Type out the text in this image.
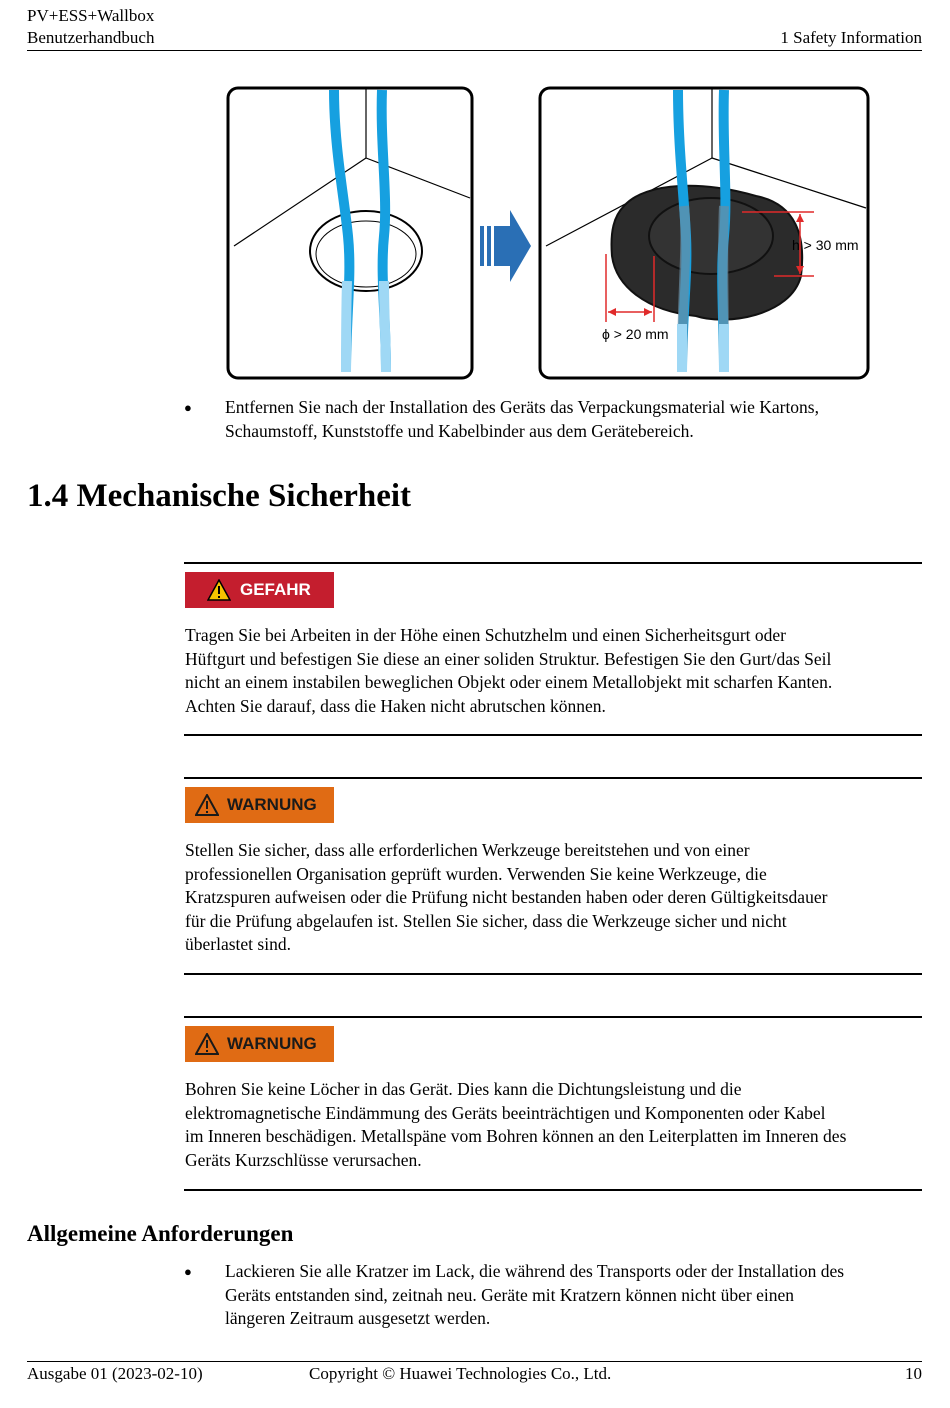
PV+ESS+Wallbox
Benutzerhandbuch	1 Safety Information
h > 30 mm
ϕ > 20 mm
● Entfernen Sie nach der Installation des Geräts das Verpackungsmaterial wie Kartons,
Schaumstoff, Kunststoffe und Kabelbinder aus dem Gerätebereich.
1.4 Mechanische Sicherheit
GEFAHR
Tragen Sie bei Arbeiten in der Höhe einen Schutzhelm und einen Sicherheitsgurt oder
Hüftgurt und befestigen Sie diese an einer soliden Struktur. Befestigen Sie den Gurt/das Seil
nicht an einem instabilen beweglichen Objekt oder einem Metallobjekt mit scharfen Kanten.
Achten Sie darauf, dass die Haken nicht abrutschen können.
WARNUNG
Stellen Sie sicher, dass alle erforderlichen Werkzeuge bereitstehen und von einer
professionellen Organisation geprüft wurden. Verwenden Sie keine Werkzeuge, die
Kratzspuren aufweisen oder die Prüfung nicht bestanden haben oder deren Gültigkeitsdauer
für die Prüfung abgelaufen ist. Stellen Sie sicher, dass die Werkzeuge sicher und nicht
überlastet sind.
WARNUNG
Bohren Sie keine Löcher in das Gerät. Dies kann die Dichtungsleistung und die
elektromagnetische Eindämmung des Geräts beeinträchtigen und Komponenten oder Kabel
im Inneren beschädigen. Metallspäne vom Bohren können an den Leiterplatten im Inneren des
Geräts Kurzschlüsse verursachen.
Allgemeine Anforderungen
● Lackieren Sie alle Kratzer im Lack, die während des Transports oder der Installation des
Geräts entstanden sind, zeitnah neu. Geräte mit Kratzern können nicht über einen
längeren Zeitraum ausgesetzt werden.
Ausgabe 01 (2023-02-10)	Copyright © Huawei Technologies Co., Ltd.	10
